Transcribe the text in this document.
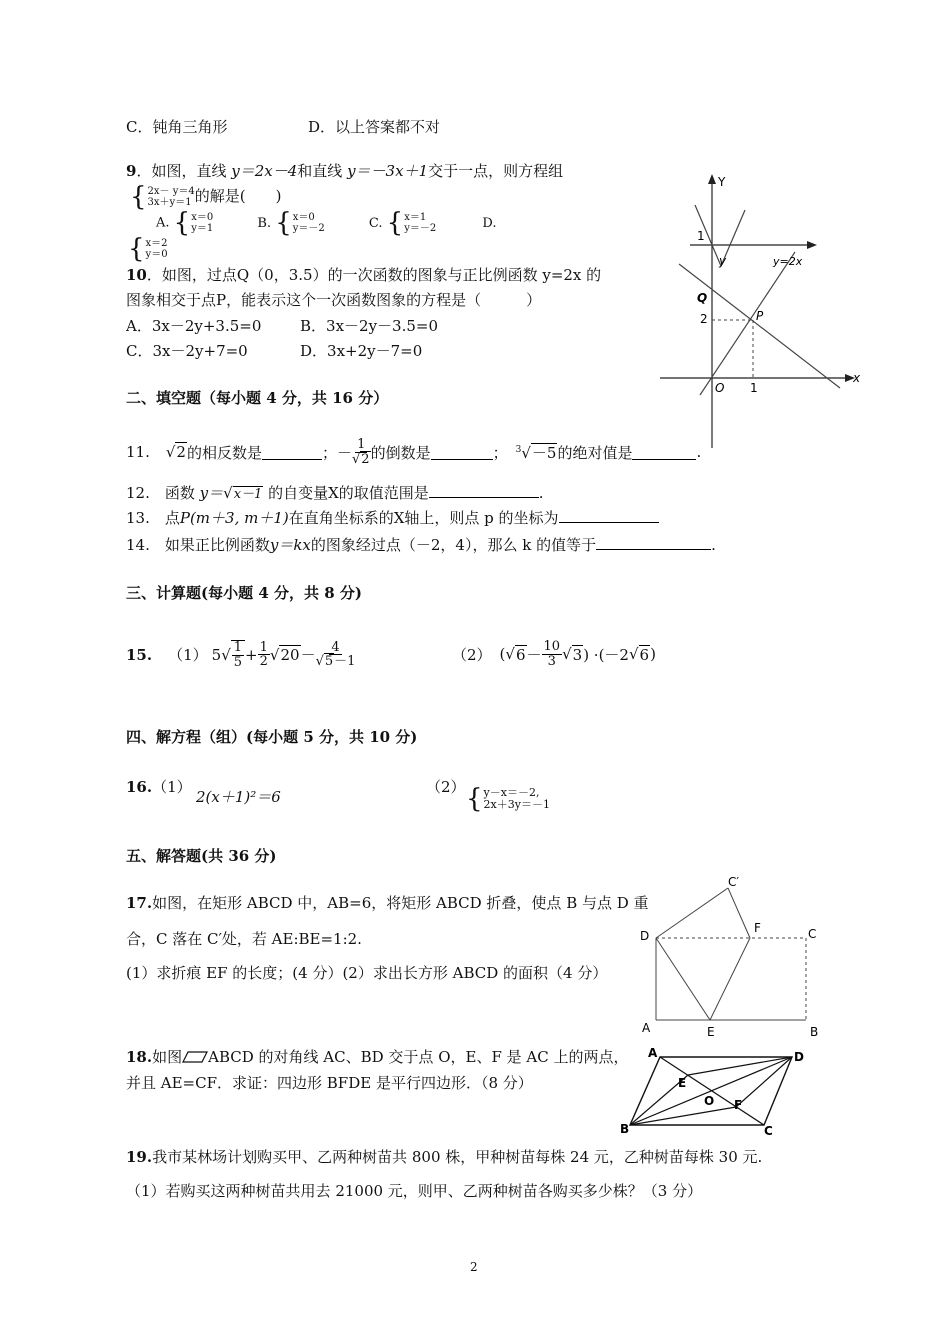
C．钝角三角形	D．以上答案都不对
9．如图，直线 y＝2x－4和直线 y＝－3x＋1交于一点，则方程组
{ 2x－ y＝4
3x＋y＝1 的解是(　　)
A. { x＝0
y＝1	B. { x＝0
y＝－2	C. { x＝1
y＝－2	D.
{ x＝2
y＝0
10．如图，过点Q（0，3.5）的一次函数的图象与正比例函数 y=2x 的
图象相交于点P，能表示这个一次函数图象的方程是（　　　）
A．3x－2y+3.5=0	B．3x－2y－3.5=0
C．3x－2y+7=0	D．3x+2y－7=0
Y
1
y
x
y=2x
Q
2	P
O 1
二、填空题（每小题 4 分，共 16 分）
11. √2 的相反数是	；－ $\frac{1}{√2}$ 的倒数是	； $^3$√－5 的绝对值是	.
12.　函数 y＝√x－1 的自变量X的取值范围是	.
13.　点P(m＋3, m＋1)在直角坐标系的X轴上，则点 p 的坐标为
14.　如果正比例函数y＝kx的图象经过点（－2，4），那么 k 的值等于	.
三、计算题(每小题 4 分，共 8 分)
15. （1） 5 √ $\frac{1}{5} + \frac{1}{2}$ √ $20 - \frac{4}{√5-1}$	（2） ( √ $6 - \frac{10}{3}$ √ 3 ) ·(－2 √ 6 )
四、解方程（组）(每小题 5 分，共 10 分)
16.（1）
2(x＋1)²＝6
（2） { y－x＝－2,
2x＋3y＝－1
五、解答题(共 36 分)
17.如图，在矩形 ABCD 中，AB=6，将矩形 ABCD 折叠，使点 B 与点 D 重
合，C 落在 C′处，若 AE:BE=1:2.
(1）求折痕 EF 的长度；(4 分）(2）求出长方形 ABCD 的面积（4 分）
C′
D
F	C
A	E	B
18. 如图 ABCD 的对角线 AC、BD 交于点 O，E、F 是 AC 上的两点，
并且 AE=CF．求证：四边形 BFDE 是平行四边形．（8 分）
A	D
E
O F
B	C
19.我市某林场计划购买甲、乙两种树苗共 800 株，甲种树苗每株 24 元，乙种树苗每株 30 元.
（1）若购买这两种树苗共用去 21000 元，则甲、乙两种树苗各购买多少株？（3 分）
2
